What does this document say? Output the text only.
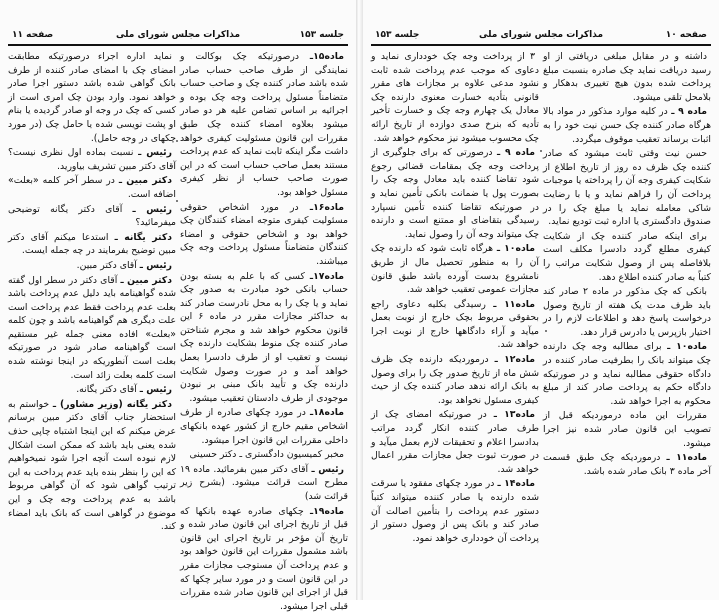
جلسه ۱۵۳
مذاکرات مجلس شورای ملی
صفحه ۱۱

ماده۱۵ـ درصورتیکه چک بوکالت و نمایندگی از طرف صاحب حساب صادر شده باشد صادر کننده چک و صاحب حساب متضامناً مسئول پرداخت وجه چک بوده و اجرائیه بر اساس تضامن علیه هر دو صادر میشود بعلاوه امضاء کننده چک طبق مقررات این قانون مسئولیت کیفری خواهد داشت مگر اینکه ثابت نماید که عدم پرداخت مستند بعمل صاحب حساب است که در این صورت صاحب حساب از نظر کیفری مسئول خواهد بود.

ماده۱۶ـ در مورد اشخاص حقوقی مسئولیت کیفری متوجه امضاء کنندگان چک خواهد بود و اشخاص حقوقی و امضاء کنندگان متضامناً مسئول پرداخت وجه چک میباشند.

ماده۱۷ـ کسی که با علم به بسته بودن حساب بانکی خود مبادرت به صدور چک نماید و یا چک را به محل نادرست صادر کند به حداکثر مجازات مقرر در ماده ۶ این قانون محکوم خواهد شد و مجرم شناختن صادر کننده چک منوط بشکایت دارنده چک نیست و تعقیب او از طرف دادسرا بعمل خواهد آمد و در صورت وصول شکایت دارنده چک و تأیید بانک مبنی بر نبودن موجودی از طرف دادستان تعقیب میشود.

ماده۱۸ـ در مورد چکهای صادره از طرف اشخاص مقیم خارج از کشور عهده بانکهای داخلی مقررات این قانون اجرا میشود.

مخبر کمیسیون دادگستری ـ دکتر حسینی

رئیس ـ آقای دکتر مبین بفرمائید. ماده ۱۹ مطرح است قرائت میشود. (بشرح زیر قرائت شد)

ماده۱۹ـ چکهای صادره عهده بانکها که قبل از تاریخ اجرای این قانون صادر شده و تاریخ آن مؤخر بر تاریخ اجرای این قانون باشد مشمول مقررات این قانون خواهد بود و عدم پرداخت آن مستوجب مجازات مقرر در این قانون است و در مورد سایر چکها که قبل از اجرای این قانون صادر شده مقررات قبلی اجرا میشود.

نماید اداره اجراء درصورتیکه مطابقت امضای چک با امضای صادر کننده از طرف بانک گواهی شده باشد دستور اجرا صادر خواهد نمود. وارد بودن چک امری است از کسی که چک در وجه او صادر گردیده یا بنام او پشت نویسی شده یا حامل چک (در مورد چکهای در وجه حامل).

رئیس ـ نسبت بماده اول نظری نیست؟ آقای دکتر مبین تشریف بیاورید.

دکتر مبین ـ در سطر آخر کلمه «بعلت» اضافه است.

رئیس ـ آقای دکتر یگانه توضیحی میفرمائید؟

دکتر یگانه ـ استدعا میکنم آقای دکتر مبین توضیح بفرمایند در چه جمله ایست.

رئیس ـ آقای دکتر مبین.

دکتر مبین ـ آقای دکتر در سطر اول گفته شده گواهینامه باید دلیل عدم پرداخت باشد بعلت عدم پرداخت فقط عدم پرداخت است علت دیگری هم گواهینامه باشد و چون کلمه «بعلت» افاده معنی جمله غیر مستقیم است گواهینامه صادر شود در صورتیکه بعلت است آنطوریکه در اینجا نوشته شده است کلمه بعلت زائد است.

رئیس ـ آقای دکتر یگانه.

دکتر یگانه (وزیر مشاور) ـ خواستم به استحضار جناب آقای دکتر مبین برسانم عرض میکنم که این اینجا اشتباه چاپی حذف شده یعنی باید باشد که ممکن است اشکال لازم نبوده است آنچه اجرا شود نمیخواهیم که این را بنظر بنده باید عدم پرداخت به این ترتیب گواهی شود که آن گواهی مربوط باشد به عدم پرداخت وجه چک و این موضوع در گواهی است که بانک باید امضاء کند.

صفحه ۱۰
مذاکرات مجلس شورای ملی
جلسه ۱۵۳

داشته و در مقابل مبلغی دریافتی از او رسید دریافت نماید چک صادره بنسبت مبلغ پرداخت شده بدون هیچ تغییری بدهکار و بلامحل تلقی میشود.

ماده ۹ ـ در کلیه موارد مذکور در مواد بالا هرگاه صادر کننده چک حسن نیت خود را به اثبات برساند تعقیب موقوف میگردد.

حسن نیت وقتی ثابت میشود که صادر کننده چک ظرف ده روز از تاریخ اطلاع از شکایت کیفری وجه آن را پرداخته یا موجبات پرداخت آن را فراهم نماید و یا با رضایت شاکی معامله نماید یا مبلغ چک را در صندوق دادگستری یا اداره ثبت تودیع نماید.

برای اینکه صادر کننده چک از شکایت کیفری مطلع گردد دادسرا مکلف است بلافاصله پس از وصول شکایت مراتب را کتباً به صادر کننده اطلاع دهد.

بانکی که چک مذکور در ماده ۲ صادر کند باید ظرف مدت یک هفته از تاریخ وصول درخواست پاسخ دهد و اطلاعات لازم را در اختیار بازپرس یا دادرس قرار دهد.

ماده۱۰ ـ برای مطالبه وجه چک دارنده چک میتواند بانک را بطرفیت صادر کننده در دادگاه حقوقی مطالبه نماید و در صورتیکه دادگاه حکم به پرداخت صادر کند از مبلغ محکوم به اجرا خواهد شد.

مقررات این ماده درموردیکه قبل از تصویب این قانون صادر شده نیز اجرا میشود.

ماده۱۱ ـ درموردیکه چک طبق قسمت آخر ماده ۳ بانک صادر شده باشد.

۳ از پرداخت وجه چک خودداری نماید و دعاوی که موجب عدم پرداخت شده ثابت نشود مدعی علاوه بر مجازات های مقرر قانونی بتأدیه خسارت معنوی دارنده چک معادل یک چهارم وجه چک و خسارت تأخیر تأدیه که بنرخ صدی دوازده از تاریخ ارائه چک محسوب میشود نیز محکوم خواهد شد.

ماده ۹ ـ درصورتی که برای جلوگیری از پرداخت وجه چک بمقامات قضائی رجوع شود تقاضا کننده باید معادل وجه چک را بصورت پول یا ضمانت بانکی تأمین نماید و در صورتیکه تقاضا کننده تأمین نسپارد رسیدگی بتقاضای او ممتنع است و دارنده چک میتواند وجه آن را وصول نماید.

ماده۱۰ ـ هرگاه ثابت شود که دارنده چک آن را به منظور تحصیل مال از طریق نامشروع بدست آورده باشد طبق قانون مجازات عمومی تعقیب خواهد شد.

ماده۱۱ ـ رسیدگی بکلیه دعاوی راجع بحقوقی مربوط بچک خارج از نوبت بعمل میآید و آراء دادگاهها خارج از نوبت اجرا خواهد شد.

ماده۱۲ ـ درموردیکه دارنده چک ظرف شش ماه از تاریخ صدور چک را برای وصول به بانک ارائه ندهد صادر کننده چک از حیث کیفری مسئول نخواهد بود.

ماده۱۳ ـ در صورتیکه امضای چک از طرف صادر کننده انکار گردد مراتب بدادسرا اعلام و تحقیقات لازم بعمل میآید و در صورت ثبوت جعل مجازات مقرر اعمال خواهد شد.

ماده۱۴ ـ در مورد چکهای مفقود یا سرقت شده دارنده یا صادر کننده میتواند کتباً دستور عدم پرداخت را بتأمین اصالت آن صادر کند و بانک پس از وصول دستور از پرداخت آن خودداری خواهد نمود.
